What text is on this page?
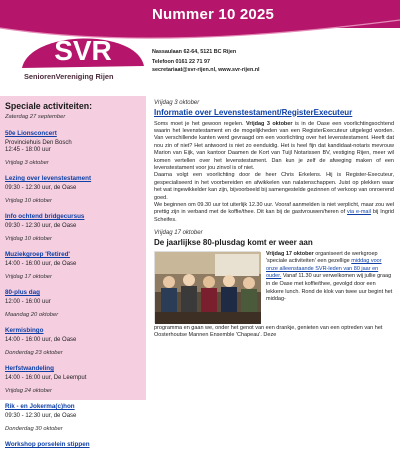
Nummer 10 2025
SVR
SeniorenVereniging Rijen
Nassaulaan 62-64, 5121 BC Rijen
Telefoon 0161 22 71 97
secretariaat@svr-rijen.nl, www.svr-rijen.nl
Speciale activiteiten:
Zaterdag 27 september
50e Lionsconcert
Provinciehuis Den Bosch
12:45 - 18:00 uur
Vrijdag 3 oktober
Lezing over levenstestament
09:30 - 12:30 uur, de Oase
Vrijdag 10 oktober
Info ochtend bridgecursus
09:30 - 12:30 uur, de Oase
Vrijdag 10 oktober
Muziekgroep 'Retired'
14:00 - 16:00 uur, de Oase
Vrijdag 17 oktober
80-plus dag
12:00 - 16:00 uur
Maandag 20 oktober
Kermisbingo
14:00 - 16:00 uur, de Oase
Donderdag 23 oktober
Herfstwandeling
14:00 - 16:00 uur, De Leemput
Vrijdag 24 oktober
Rik - en Jokerma(c)hon
09:30 - 12:30 uur, de Oase
Donderdag 30 oktober
Workshop porselein stippen
Vrijdag 3 oktober
Informatie over Levenstestament/RegisterExecuteur

Soms moet je het gewoon regelen. Vrijdag 3 oktober is in de Oase een voorlichtingsochtend waarin het levenstestament en de mogelijkheden van een RegisterExecuteur uitgelegd worden. Van verschillende kanten werd gevraagd om een voorlichting over het levenstestament. Heeft dat nou zin of niet? Het antwoord is niet zo eenduidig. Het is heel fijn dat kandidaat-notaris mevrouw Marion van Eijk, van kantoor Daamen de Kort van Tuijl Notarissen BV, vestiging Rijen, meer wil komen vertellen over het levenstestament. Dan kun je zelf de afweging maken of een levenstestament voor jou zinvol is of niet.

Daarna volgt een voorlichting door de heer Chris Erkelens. Hij is Register-Executeur, gespecialiseerd in het voorbereiden en afwikkelen van nalatenschappen. Juist op plekken waar het wat ingewikkelder kan zijn, bijvoorbeeld bij samengestelde gezinnen of verkoop van onroerend goed.

We beginnen om 09.30 uur tot uiterlijk 12.30 uur. Vooraf aanmelden is niet verplicht, maar zou wel prettig zijn in verband met de koffie/thee. Dit kan bij de gastvrouwen/heren of via e-mail bij Ingrid Scheifes.

Vrijdag 17 oktober
De jaarlijkse 80-plusdag komt er weer aan
Vrijdag 17 oktober organiseert de werkgroep 'speciale activiteiten' een gezellige middag voor onze alleenstaande SVR-leden van 80 jaar en ouder. Vanaf 11.30 uur verwelkomen wij jullie graag in de Oase met koffie/thee, gevolgd door een lekkere lunch. Rond de klok van twee uur begint het middag-
programma en gaan we, onder het genot van een drankje, genieten van een optreden van het Oosterhoutse Mannen Ensemble 'Chapeau'. Deze
